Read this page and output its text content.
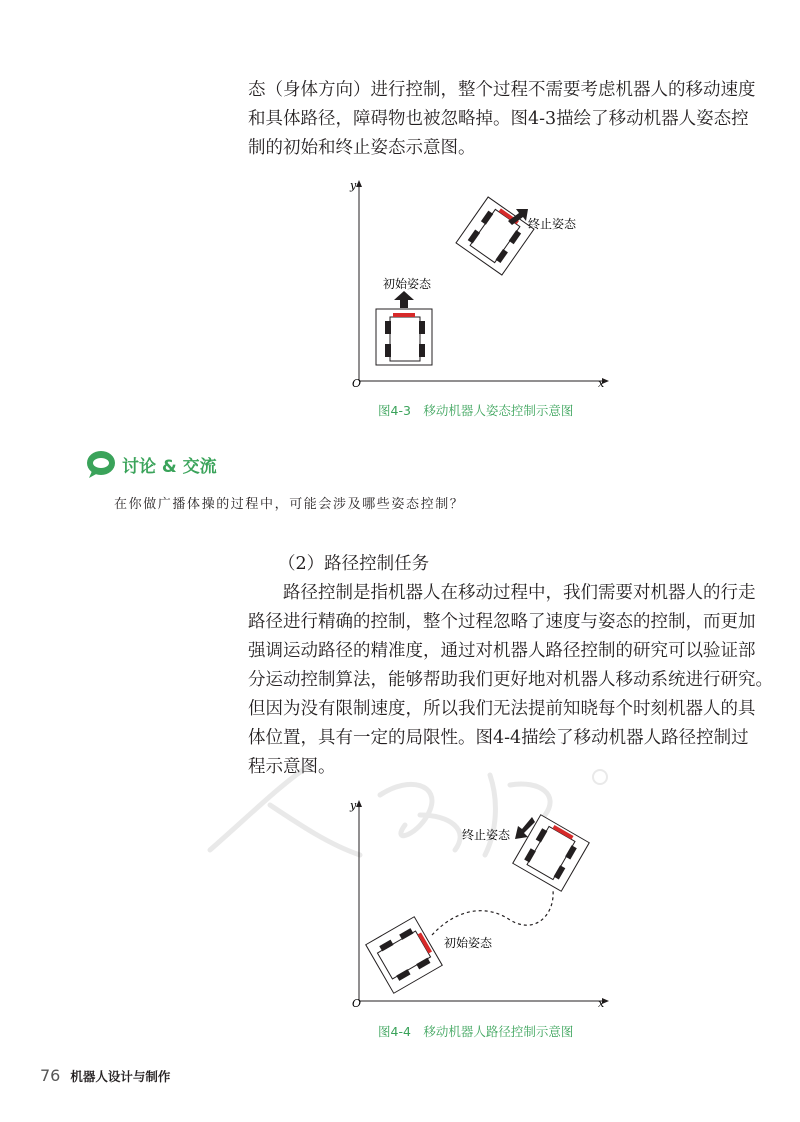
态（身体方向）进行控制，整个过程不需要考虑机器人的移动速度
和具体路径，障碍物也被忽略掉。图4-3描绘了移动机器人姿态控
制的初始和终止姿态示意图。
y
x
O
初始姿态
终止姿态
图4-3　移动机器人姿态控制示意图
讨论 & 交流
在你做广播体操的过程中，可能会涉及哪些姿态控制？
（2）路径控制任务
　　路径控制是指机器人在移动过程中，我们需要对机器人的行走
路径进行精确的控制，整个过程忽略了速度与姿态的控制，而更加
强调运动路径的精准度，通过对机器人路径控制的研究可以验证部
分运动控制算法，能够帮助我们更好地对机器人移动系统进行研究。
但因为没有限制速度，所以我们无法提前知晓每个时刻机器人的具
体位置，具有一定的局限性。图4-4描绘了移动机器人路径控制过
程示意图。
y
x
O
初始姿态
终止姿态
图4-4　移动机器人路径控制示意图
76 机器人设计与制作
